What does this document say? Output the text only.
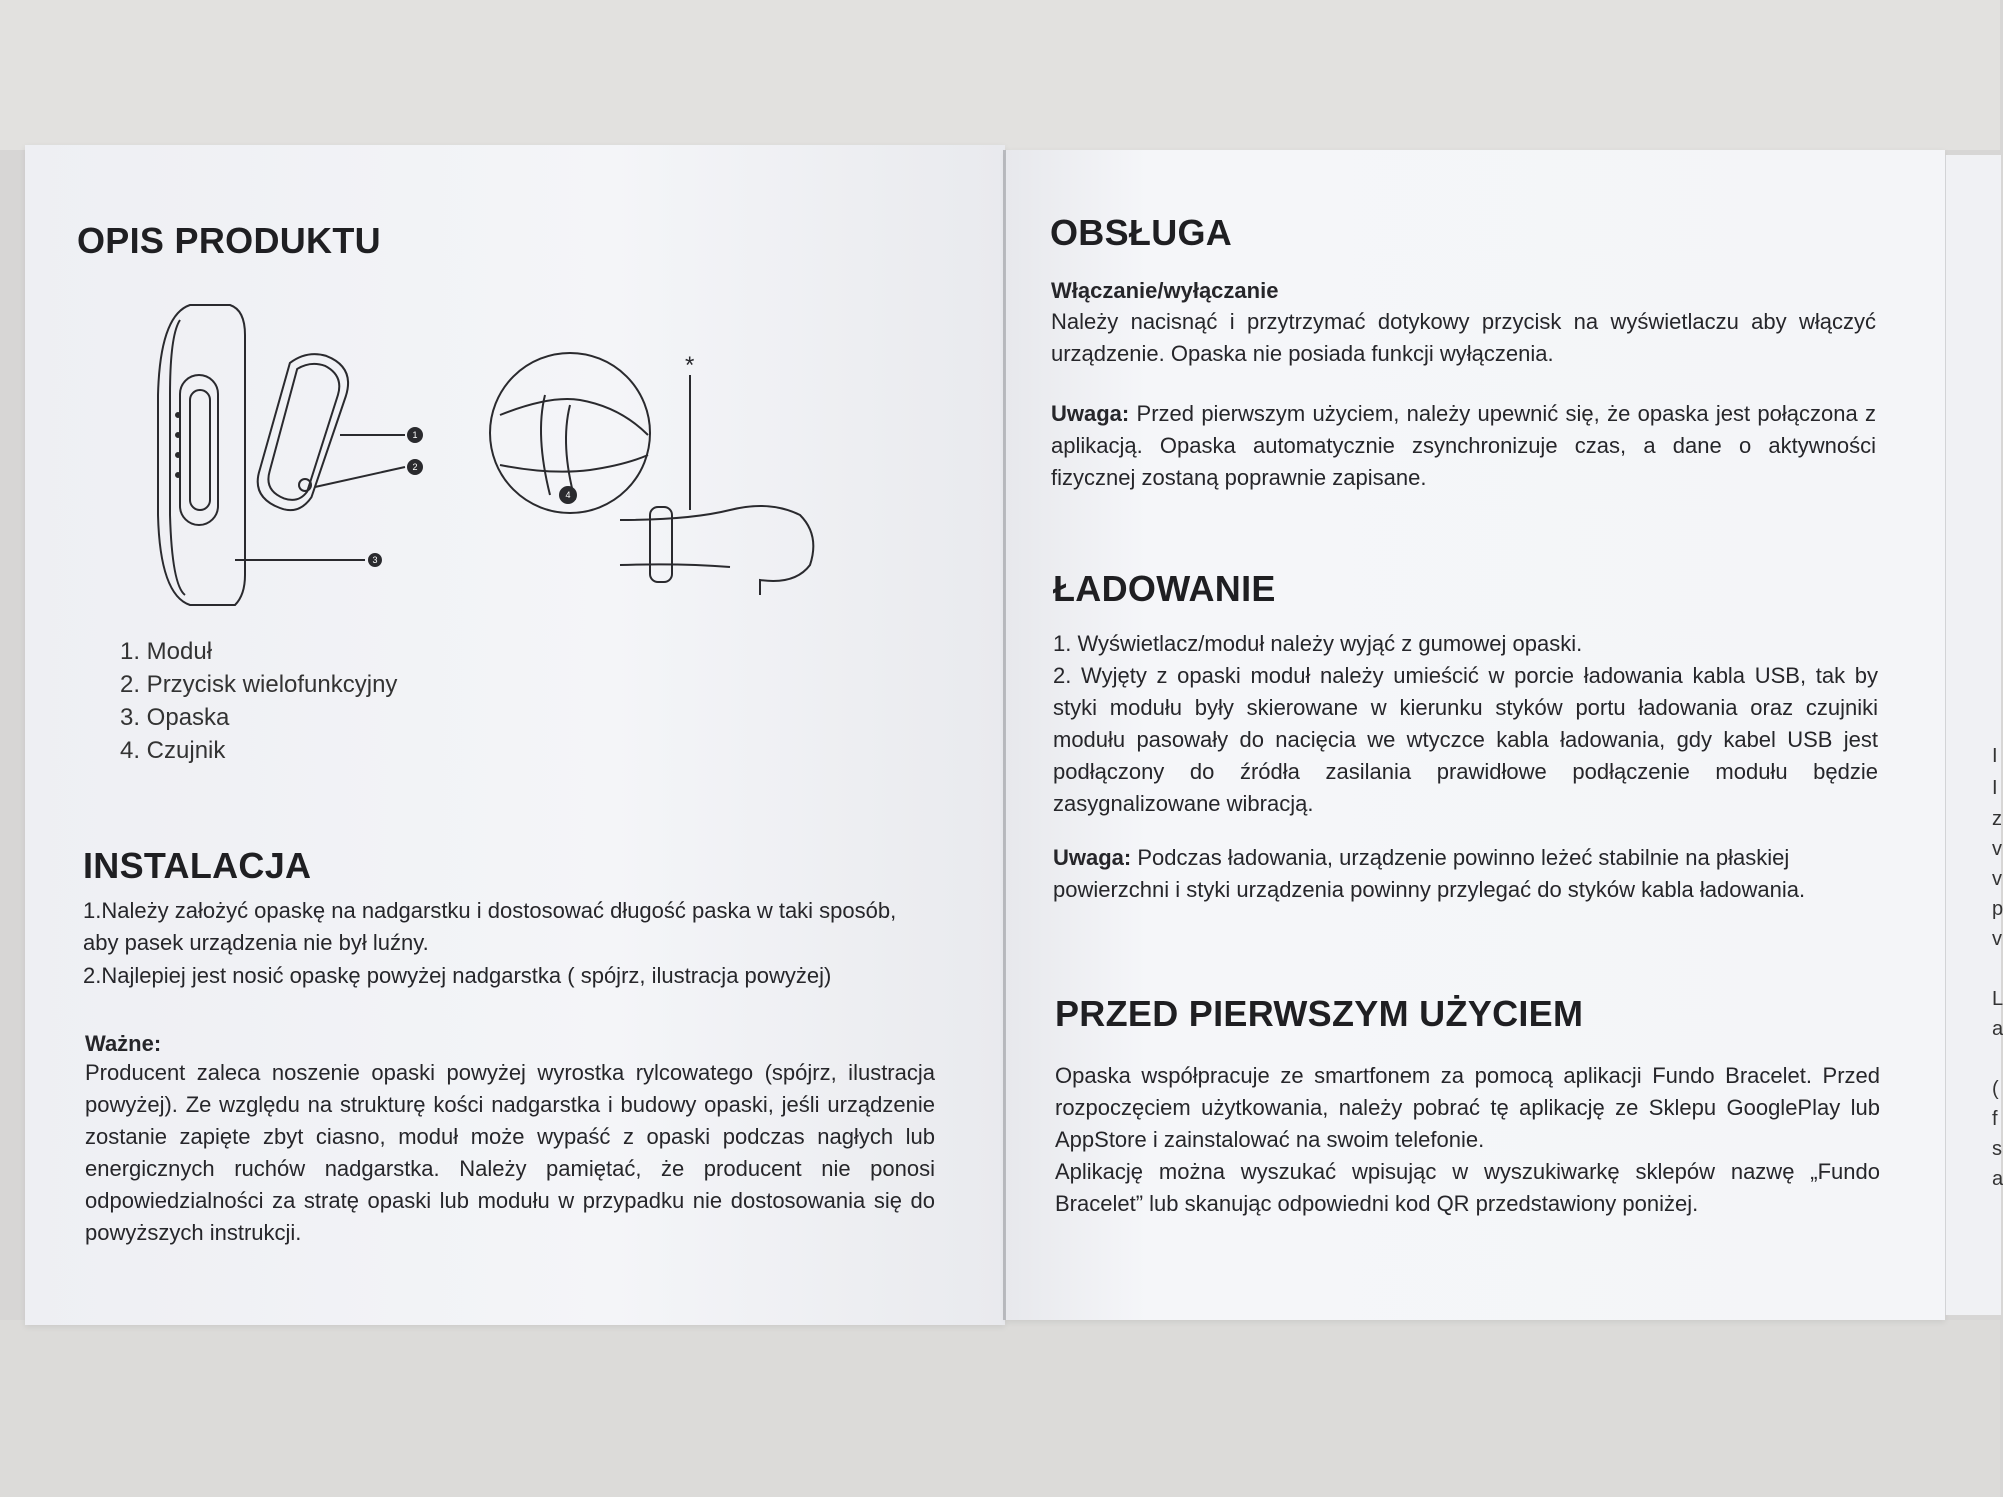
OPIS PRODUKTU
*
1
2
3
4
1. Moduł
2. Przycisk wielofunkcyjny
3. Opaska
4. Czujnik
INSTALACJA

1.Należy założyć opaskę na nadgarstku i dostosować długość paska w taki sposób, aby pasek urządzenia nie był luźny.

2.Najlepiej jest nosić opaskę powyżej nadgarstka ( spójrz, ilustracja powyżej)

Ważne:

Producent zaleca noszenie opaski powyżej wyrostka rylcowatego (spójrz, ilustracja powyżej). Ze względu na strukturę kości nadgarstka i budowy opaski, jeśli urządzenie zostanie zapięte zbyt ciasno, moduł może wypaść z opaski podczas nagłych lub energicznych ruchów nadgarstka. Należy pamiętać, że producent nie ponosi odpowiedzialności za stratę opaski lub modułu w przypadku nie dostosowania się do powyższych instrukcji.

OBSŁUGA

Włączanie/wyłączanie

Należy nacisnąć i przytrzymać dotykowy przycisk na wyświetlaczu aby włączyć urządzenie. Opaska nie posiada funkcji wyłączenia.

Uwaga: Przed pierwszym użyciem, należy upewnić się, że opaska jest połączona z aplikacją. Opaska automatycznie zsynchronizuje czas, a dane o aktywności fizycznej zostaną poprawnie zapisane.

ŁADOWANIE

1. Wyświetlacz/moduł należy wyjąć z gumowej opaski.

2. Wyjęty z opaski moduł należy umieścić w porcie ładowania kabla USB, tak by styki modułu były skierowane w kierunku styków portu ładowania oraz czujniki modułu pasowały do nacięcia we wtyczce kabla ładowania, gdy kabel USB jest podłączony do źródła zasilania prawidłowe podłączenie modułu będzie zasygnalizowane wibracją.

Uwaga: Podczas ładowania, urządzenie powinno leżeć stabilnie na płaskiej powierzchni i styki urządzenia powinny przylegać do styków kabla ładowania.

PRZED PIERWSZYM UŻYCIEM

Opaska współpracuje ze smartfonem za pomocą aplikacji Fundo Bracelet. Przed rozpoczęciem użytkowania, należy pobrać tę aplikację ze Sklepu GooglePlay lub AppStore i zainstalować na swoim telefonie.

Aplikację można wyszukać wpisując w wyszukiwarkę sklepów nazwę „Fundo Bracelet” lub skanując odpowiedni kod QR przedstawiony poniżej.

I
I
z
v
v
p
v
L
a
(
f
s
a
